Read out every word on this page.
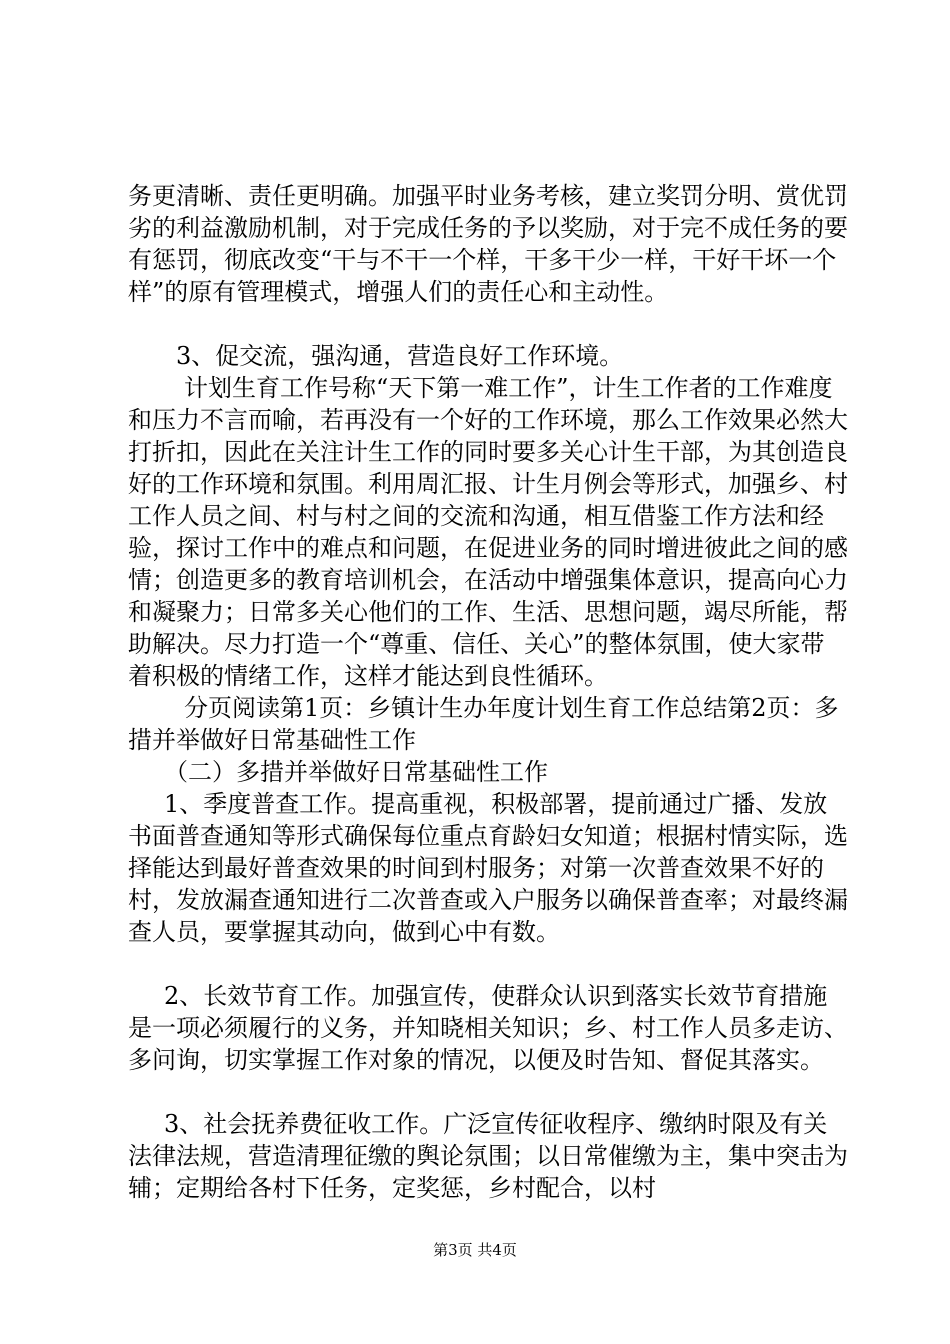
务更清晰、责任更明确。加强平时业务考核，建立奖罚分明、赏优罚劣的利益激励机制，对于完成任务的予以奖励，对于完不成任务的要有惩罚，彻底改变“干与不干一个样，干多干少一样，干好干坏一个样”的原有管理模式，增强人们的责任心和主动性。

3、促交流，强沟通，营造良好工作环境。

计划生育工作号称“天下第一难工作”，计生工作者的工作难度和压力不言而喻，若再没有一个好的工作环境，那么工作效果必然大打折扣，因此在关注计生工作的同时要多关心计生干部，为其创造良好的工作环境和氛围。利用周汇报、计生月例会等形式，加强乡、村工作人员之间、村与村之间的交流和沟通，相互借鉴工作方法和经验，探讨工作中的难点和问题，在促进业务的同时增进彼此之间的感情；创造更多的教育培训机会，在活动中增强集体意识，提高向心力和凝聚力；日常多关心他们的工作、生活、思想问题，竭尽所能，帮助解决。尽力打造一个“尊重、信任、关心”的整体氛围，使大家带着积极的情绪工作，这样才能达到良性循环。

分页阅读第1页：乡镇计生办年度计划生育工作总结第2页：多措并举做好日常基础性工作

（二）多措并举做好日常基础性工作

1、季度普查工作。提高重视，积极部署，提前通过广播、发放书面普查通知等形式确保每位重点育龄妇女知道；根据村情实际，选择能达到最好普查效果的时间到村服务；对第一次普查效果不好的村，发放漏查通知进行二次普查或入户服务以确保普查率；对最终漏查人员，要掌握其动向，做到心中有数。

2、长效节育工作。加强宣传，使群众认识到落实长效节育措施是一项必须履行的义务，并知晓相关知识；乡、村工作人员多走访、多问询，切实掌握工作对象的情况，以便及时告知、督促其落实。

3、社会抚养费征收工作。广泛宣传征收程序、缴纳时限及有关法律法规，营造清理征缴的舆论氛围；以日常催缴为主，集中突击为辅；定期给各村下任务，定奖惩，乡村配合，以村

第3页 共4页
